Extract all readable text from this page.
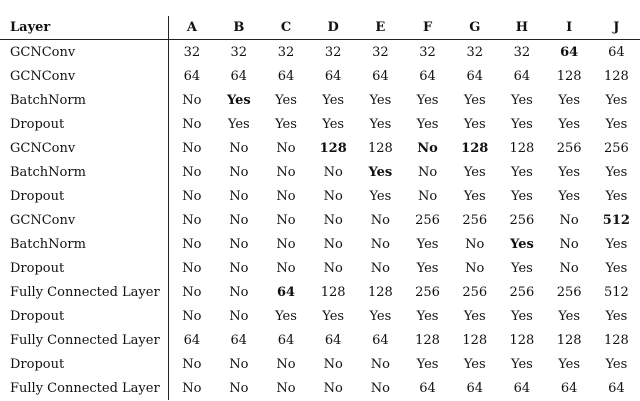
Layer	A	B	C	D	E	F	G	H	I	J
GCNConv	32	32	32	32	32	32	32	32	64	64
GCNConv	64	64	64	64	64	64	64	64	128	128
BatchNorm	No	Yes	Yes	Yes	Yes	Yes	Yes	Yes	Yes	Yes
Dropout	No	Yes	Yes	Yes	Yes	Yes	Yes	Yes	Yes	Yes
GCNConv	No	No	No	128	128	No	128	128	256	256
BatchNorm	No	No	No	No	Yes	No	Yes	Yes	Yes	Yes
Dropout	No	No	No	No	Yes	No	Yes	Yes	Yes	Yes
GCNConv	No	No	No	No	No	256	256	256	No	512
BatchNorm	No	No	No	No	No	Yes	No	Yes	No	Yes
Dropout	No	No	No	No	No	Yes	No	Yes	No	Yes
Fully Connected Layer	No	No	64	128	128	256	256	256	256	512
Dropout	No	No	Yes	Yes	Yes	Yes	Yes	Yes	Yes	Yes
Fully Connected Layer	64	64	64	64	64	128	128	128	128	128
Dropout	No	No	No	No	No	Yes	Yes	Yes	Yes	Yes
Fully Connected Layer	No	No	No	No	No	64	64	64	64	64
